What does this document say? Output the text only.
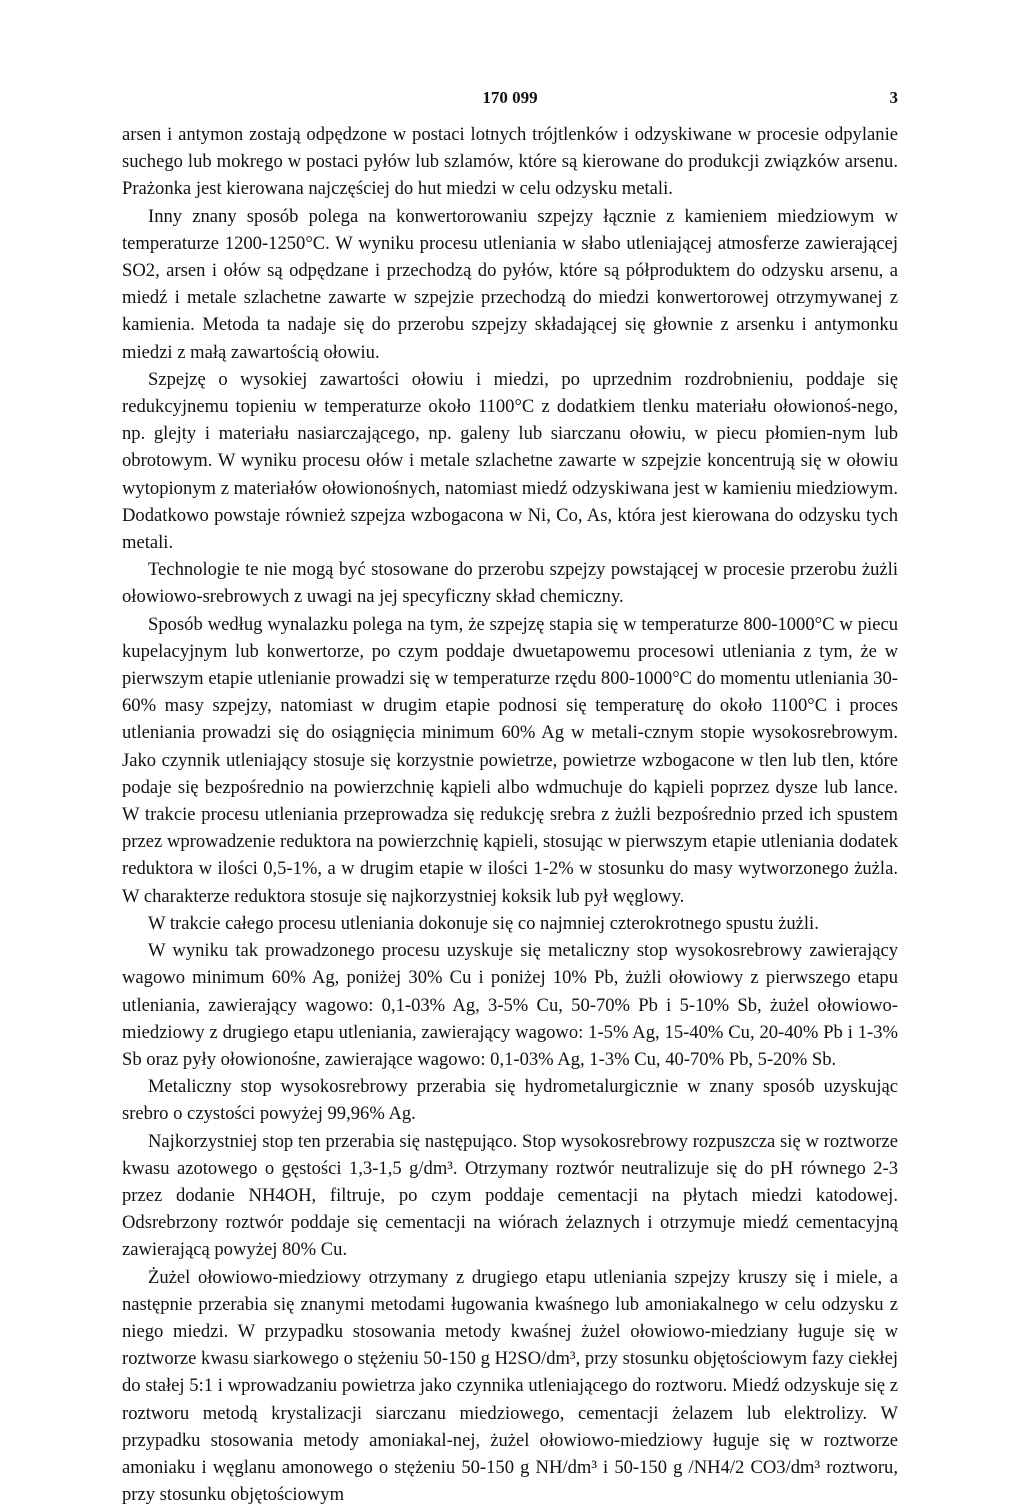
170 099	3

arsen i antymon zostają odpędzone w postaci lotnych trójtlenków i odzyskiwane w procesie odpylanie suchego lub mokrego w postaci pyłów lub szlamów, które są kierowane do produkcji związków arsenu. Prażonka jest kierowana najczęściej do hut miedzi w celu odzysku metali.

Inny znany sposób polega na konwertorowaniu szpejzy łącznie z kamieniem miedziowym w temperaturze 1200-1250°C. W wyniku procesu utleniania w słabo utleniającej atmosferze zawierającej SO2, arsen i ołów są odpędzane i przechodzą do pyłów, które są półproduktem do odzysku arsenu, a miedź i metale szlachetne zawarte w szpejzie przechodzą do miedzi konwertorowej otrzymywanej z kamienia. Metoda ta nadaje się do przerobu szpejzy składającej się głownie z arsenku i antymonku miedzi z małą zawartością ołowiu.

Szpejzę o wysokiej zawartości ołowiu i miedzi, po uprzednim rozdrobnieniu, poddaje się redukcyjnemu topieniu w temperaturze około 1100°C z dodatkiem tlenku materiału ołowionoś-nego, np. glejty i materiału nasiarczającego, np. galeny lub siarczanu ołowiu, w piecu płomien-nym lub obrotowym. W wyniku procesu ołów i metale szlachetne zawarte w szpejzie koncentrują się w ołowiu wytopionym z materiałów ołowionośnych, natomiast miedź odzyskiwana jest w kamieniu miedziowym. Dodatkowo powstaje również szpejza wzbogacona w Ni, Co, As, która jest kierowana do odzysku tych metali.

Technologie te nie mogą być stosowane do przerobu szpejzy powstającej w procesie przerobu żużli ołowiowo-srebrowych z uwagi na jej specyficzny skład chemiczny.

Sposób według wynalazku polega na tym, że szpejzę stapia się w temperaturze 800-1000°C w piecu kupelacyjnym lub konwertorze, po czym poddaje dwuetapowemu procesowi utleniania z tym, że w pierwszym etapie utlenianie prowadzi się w temperaturze rzędu 800-1000°C do momentu utleniania 30-60% masy szpejzy, natomiast w drugim etapie podnosi się temperaturę do około 1100°C i proces utleniania prowadzi się do osiągnięcia minimum 60% Ag w metali-cznym stopie wysokosrebrowym. Jako czynnik utleniający stosuje się korzystnie powietrze, powietrze wzbogacone w tlen lub tlen, które podaje się bezpośrednio na powierzchnię kąpieli albo wdmuchuje do kąpieli poprzez dysze lub lance. W trakcie procesu utleniania przeprowadza się redukcję srebra z żużli bezpośrednio przed ich spustem przez wprowadzenie reduktora na powierzchnię kąpieli, stosując w pierwszym etapie utleniania dodatek reduktora w ilości 0,5-1%, a w drugim etapie w ilości 1-2% w stosunku do masy wytworzonego żużla. W charakterze reduktora stosuje się najkorzystniej koksik lub pył węglowy.

W trakcie całego procesu utleniania dokonuje się co najmniej czterokrotnego spustu żużli.

W wyniku tak prowadzonego procesu uzyskuje się metaliczny stop wysokosrebrowy zawierający wagowo minimum 60% Ag, poniżej 30% Cu i poniżej 10% Pb, żużli ołowiowy z pierwszego etapu utleniania, zawierający wagowo: 0,1-03% Ag, 3-5% Cu, 50-70% Pb i 5-10% Sb, żużel ołowiowo-miedziowy z drugiego etapu utleniania, zawierający wagowo: 1-5% Ag, 15-40% Cu, 20-40% Pb i 1-3% Sb oraz pyły ołowionośne, zawierające wagowo: 0,1-03% Ag, 1-3% Cu, 40-70% Pb, 5-20% Sb.

Metaliczny stop wysokosrebrowy przerabia się hydrometalurgicznie w znany sposób uzyskując srebro o czystości powyżej 99,96% Ag.

Najkorzystniej stop ten przerabia się następująco. Stop wysokosrebrowy rozpuszcza się w roztworze kwasu azotowego o gęstości 1,3-1,5 g/dm³. Otrzymany roztwór neutralizuje się do pH równego 2-3 przez dodanie NH4OH, filtruje, po czym poddaje cementacji na płytach miedzi katodowej. Odsrebrzony roztwór poddaje się cementacji na wiórach żelaznych i otrzymuje miedź cementacyjną zawierającą powyżej 80% Cu.

Żużel ołowiowo-miedziowy otrzymany z drugiego etapu utleniania szpejzy kruszy się i miele, a następnie przerabia się znanymi metodami ługowania kwaśnego lub amoniakalnego w celu odzysku z niego miedzi. W przypadku stosowania metody kwaśnej żużel ołowiowo-miedziany ługuje się w roztworze kwasu siarkowego o stężeniu 50-150 g H2SO/dm³, przy stosunku objętościowym fazy ciekłej do stałej 5:1 i wprowadzaniu powietrza jako czynnika utleniającego do roztworu. Miedź odzyskuje się z roztworu metodą krystalizacji siarczanu miedziowego, cementacji żelazem lub elektrolizy. W przypadku stosowania metody amoniakal-nej, żużel ołowiowo-miedziowy ługuje się w roztworze amoniaku i węglanu amonowego o stężeniu 50-150 g NH/dm³ i 50-150 g /NH4/2 CO3/dm³ roztworu, przy stosunku objętościowym
